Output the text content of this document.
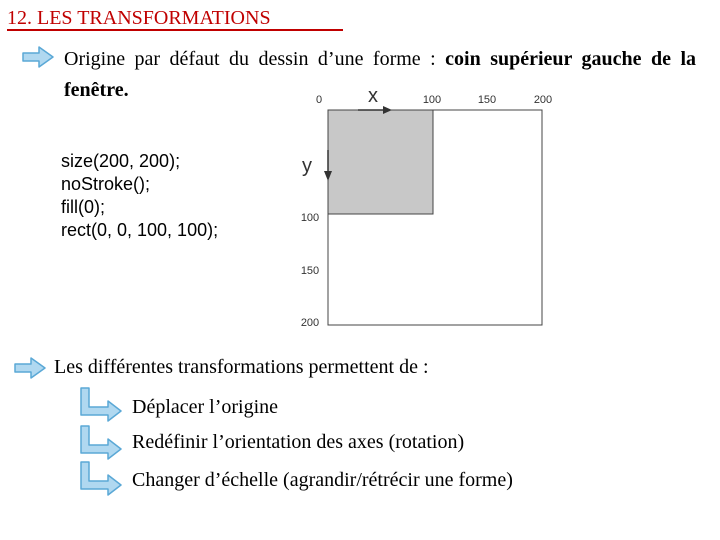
12. LES TRANSFORMATIONS
Origine par défaut du dessin d’une forme : coin supérieur gauche de la fenêtre.
size(200, 200);
noStroke();
fill(0);
rect(0, 0, 100, 100);
x
y
0	100	150	200
100
150
200
Les différentes transformations permettent de :
Déplacer l’origine
Redéfinir l’orientation des axes (rotation)
Changer d’échelle (agrandir/rétrécir une forme)
